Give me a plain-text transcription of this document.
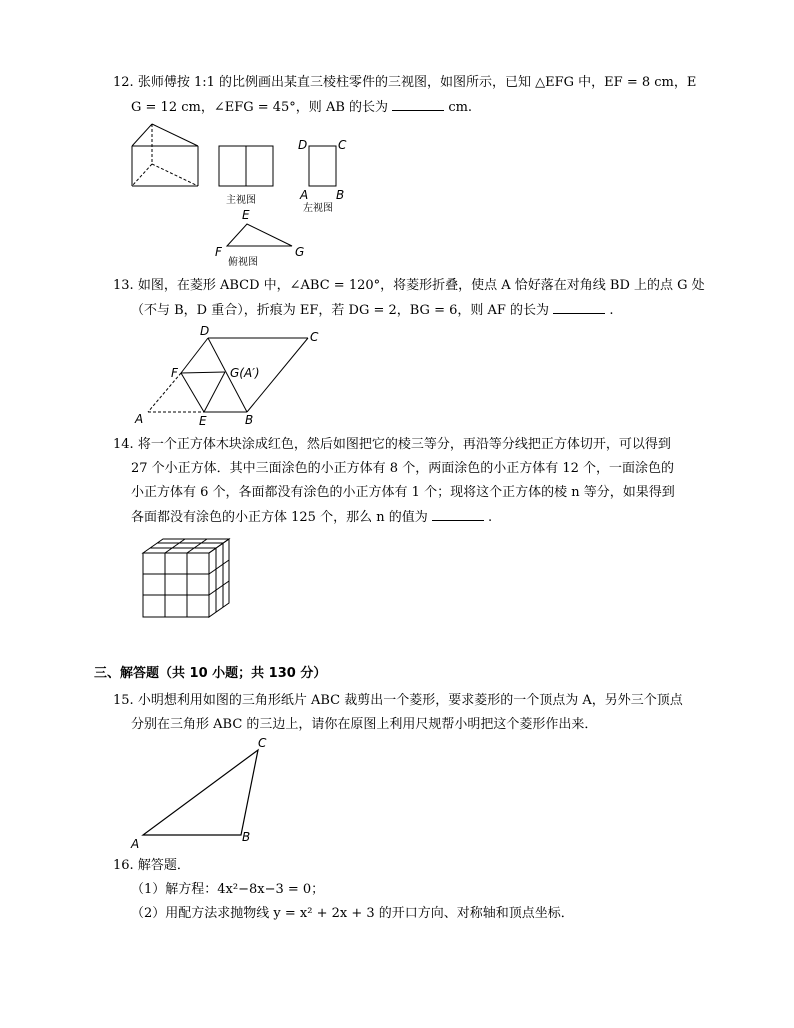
12. 张师傅按 1:1 的比例画出某直三棱柱零件的三视图，如图所示，已知 △EFG 中，EF = 8 cm，E
G = 12 cm，∠EFG = 45°，则 AB 的长为	cm.
主视图
D	C
A B
左视图
E
F	G
俯视图
13. 如图，在菱形 ABCD 中，∠ABC = 120°，将菱形折叠，使点 A 恰好落在对角线 BD 上的点 G 处
（不与 B，D 重合），折痕为 EF，若 DG = 2，BG = 6，则 AF 的长为	.
D	C
F	G(A′)
A	E	B
14. 将一个正方体木块涂成红色，然后如图把它的棱三等分，再沿等分线把正方体切开，可以得到
27 个小正方体．其中三面涂色的小正方体有 8 个，两面涂色的小正方体有 12 个，一面涂色的
小正方体有 6 个，各面都没有涂色的小正方体有 1 个；现将这个正方体的棱 n 等分，如果得到
各面都没有涂色的小正方体 125 个，那么 n 的值为	.
三、解答题（共 10 小题；共 130 分）
15. 小明想利用如图的三角形纸片 ABC 裁剪出一个菱形，要求菱形的一个顶点为 A，另外三个顶点
分别在三角形 ABC 的三边上，请你在原图上利用尺规帮小明把这个菱形作出来．
A	B
C
16. 解答题．
（1）解方程：4x²−8x−3 = 0；
（2）用配方法求抛物线 y = x² + 2x + 3 的开口方向、对称轴和顶点坐标．
